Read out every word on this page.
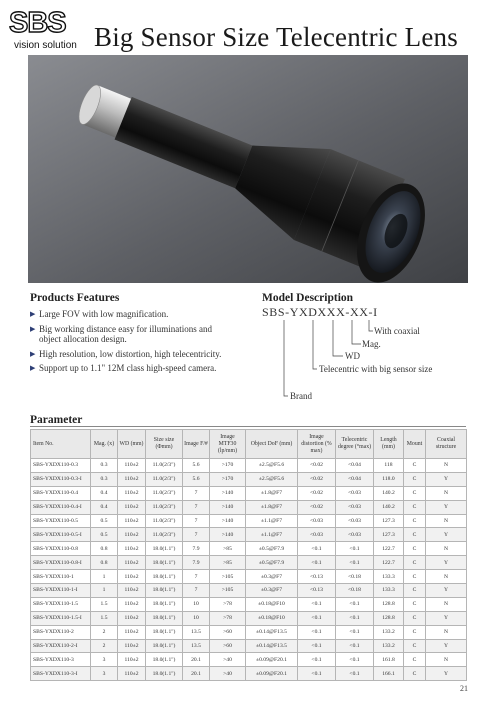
SBS
vision solution Big Sensor Size Telecentric Lens
Products Features
▶ Large FOV with low magnification.
▶ Big working distance easy for illuminations and object allocation design.
▶ High resolution, low distortion, high telecentricity.
▶ Support up to 1.1" 12M class high-speed camera.
Model Description
SBS-YXDXXX-XX-I
With coaxial
Mag.
WD
Telecentric with big sensor size
Brand
Parameter
Item No.	Mag. (x)	WD (mm)	Size size (Φmm)	Image F/#	Image MTF30 (lp/mm)	Object DoF (mm)	Image distortion (% max)	Telecentric degree (°max)	Length (mm)	Mount	Coaxial structure
SBS-YXDX110-0.3	0.3	110±2	11.0(2/3")	5.6	>170	±2.5@F5.6	<0.02	<0.04	118	C	N
SBS-YXDX110-0.3-I	0.3	110±2	11.0(2/3")	5.6	>170	±2.5@F5.6	<0.02	<0.04	118.0	C	Y
SBS-YXDX110-0.4	0.4	110±2	11.0(2/3")	7	>140	±1.8@F7	<0.02	<0.03	140.2	C	N
SBS-YXDX110-0.4-I	0.4	110±2	11.0(2/3")	7	>140	±1.8@F7	<0.02	<0.03	140.2	C	Y
SBS-YXDX110-0.5	0.5	110±2	11.0(2/3")	7	>140	±1.1@F7	<0.03	<0.03	127.3	C	N
SBS-YXDX110-0.5-I	0.5	110±2	11.0(2/3")	7	>140	±1.1@F7	<0.03	<0.03	127.3	C	Y
SBS-YXDX110-0.8	0.8	110±2	18.0(1.1")	7.9	>85	±0.5@F7.9	<0.1	<0.1	122.7	C	N
SBS-YXDX110-0.8-I	0.8	110±2	18.0(1.1")	7.9	>85	±0.5@F7.9	<0.1	<0.1	122.7	C	Y
SBS-YXDX110-1	1	110±2	18.0(1.1")	7	>105	±0.3@F7	<0.13	<0.18	133.3	C	N
SBS-YXDX110-1-I	1	110±2	18.0(1.1")	7	>105	±0.3@F7	<0.13	<0.18	133.3	C	Y
SBS-YXDX110-1.5	1.5	110±2	18.0(1.1")	10	>78	±0.18@F10	<0.1	<0.1	128.8	C	N
SBS-YXDX110-1.5-I	1.5	110±2	18.0(1.1")	10	>78	±0.18@F10	<0.1	<0.1	128.8	C	Y
SBS-YXDX110-2	2	110±2	18.0(1.1")	13.5	>60	±0.14@F13.5	<0.1	<0.1	133.2	C	N
SBS-YXDX110-2-I	2	110±2	18.0(1.1")	13.5	>60	±0.14@F13.5	<0.1	<0.1	133.2	C	Y
SBS-YXDX110-3	3	110±2	18.0(1.1")	20.1	>40	±0.09@F20.1	<0.1	<0.1	161.8	C	N
SBS-YXDX110-3-I	3	110±2	18.0(1.1")	20.1	>40	±0.09@F20.1	<0.1	<0.1	166.1	C	Y
21
